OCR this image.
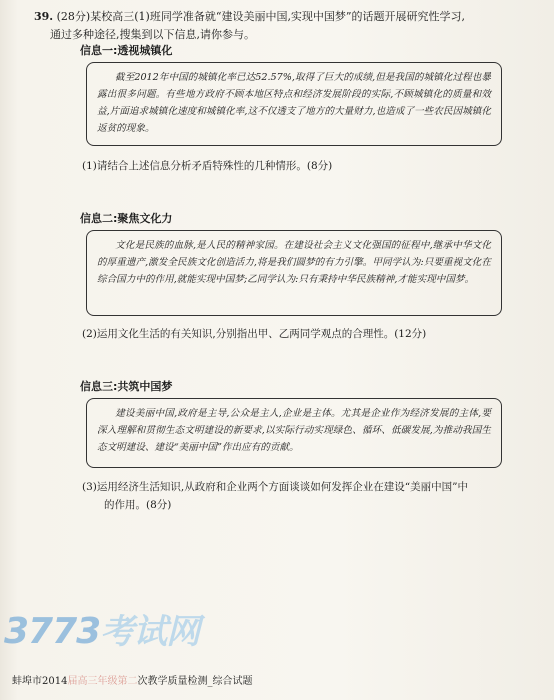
39. (28分)某校高三(1)班同学准备就“建设美丽中国,实现中国梦”的话题开展研究性学习,
通过多种途径,搜集到以下信息,请你参与。
信息一:透视城镇化
截至2012年中国的城镇化率已达52.57%,取得了巨大的成绩,但是我国的城镇化过程也暴露出很多问题。有些地方政府不顾本地区特点和经济发展阶段的实际,不顾城镇化的质量和效益,片面追求城镇化速度和城镇化率,这不仅透支了地方的大量财力,也造成了一些农民因城镇化返贫的现象。
(1)请结合上述信息分析矛盾特殊性的几种情形。(8分)
信息二:聚焦文化力
文化是民族的血脉,是人民的精神家园。在建设社会主义文化强国的征程中,继承中华文化的厚重遗产,激发全民族文化创造活力,将是我们圆梦的有力引擎。甲同学认为:只要重视文化在综合国力中的作用,就能实现中国梦;乙同学认为:只有秉持中华民族精神,才能实现中国梦。
(2)运用文化生活的有关知识,分别指出甲、乙两同学观点的合理性。(12分)
信息三:共筑中国梦
建设美丽中国,政府是主导,公众是主人,企业是主体。尤其是企业作为经济发展的主体,要深入理解和贯彻生态文明建设的新要求,以实际行动实现绿色、循环、低碳发展,为推动我国生态文明建设、建设“美丽中国”作出应有的贡献。
(3)运用经济生活知识,从政府和企业两个方面谈谈如何发挥企业在建设“美丽中国”中
的作用。(8分)
3773考试网
蚌埠市2014届高三年级第二次教学质量检测_综合试题
